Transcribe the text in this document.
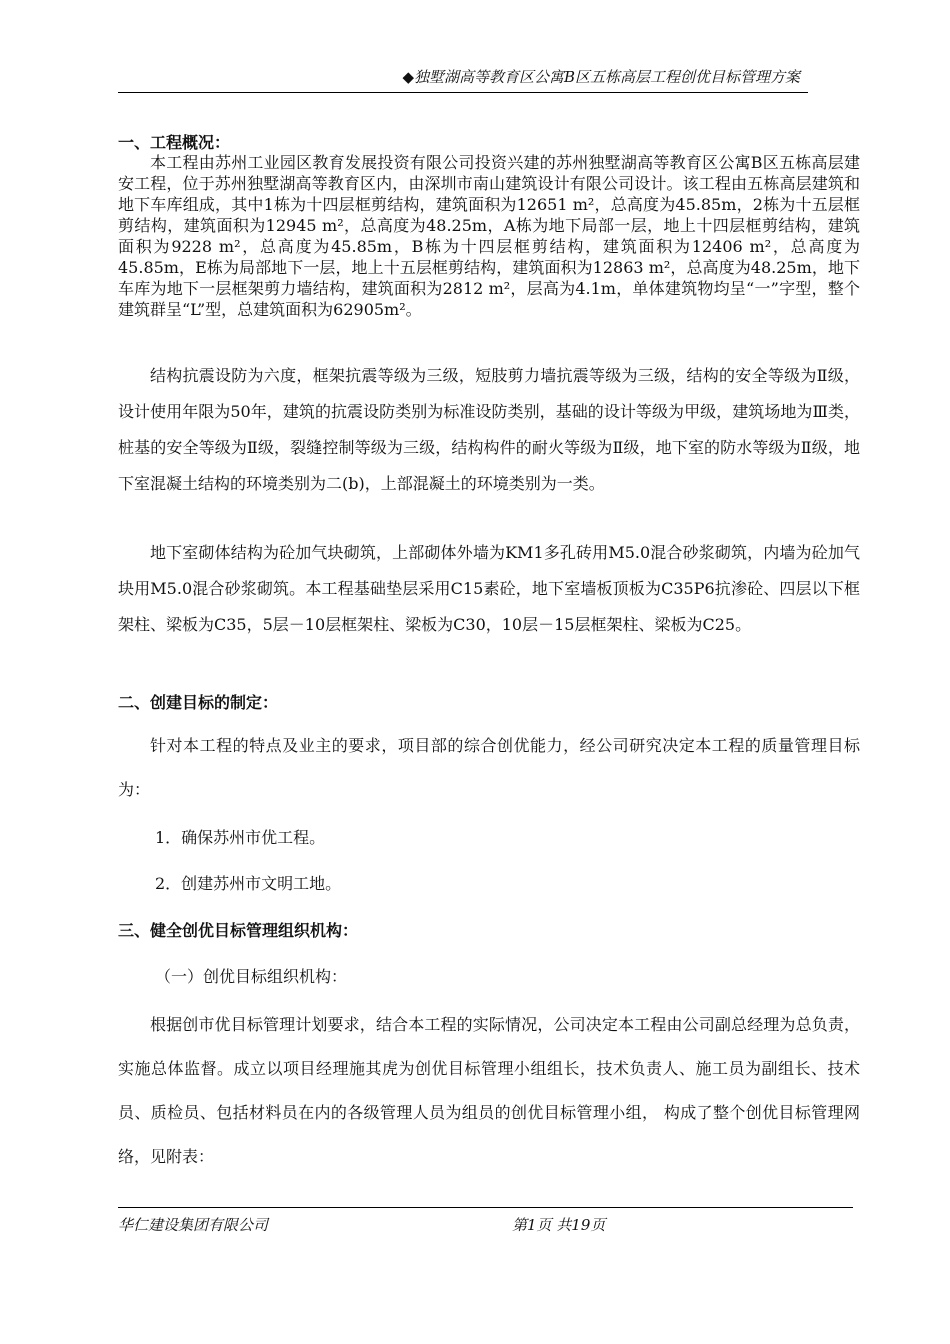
◆独墅湖高等教育区公寓B区五栋高层工程创优目标管理方案
一、工程概况：

本工程由苏州工业园区教育发展投资有限公司投资兴建的苏州独墅湖高等教育区公寓B区五栋高层建安工程，位于苏州独墅湖高等教育区内，由深圳市南山建筑设计有限公司设计。该工程由五栋高层建筑和地下车库组成，其中1栋为十四层框剪结构，建筑面积为12651 m²，总高度为45.85m，2栋为十五层框剪结构，建筑面积为12945 m²，总高度为48.25m，A栋为地下局部一层，地上十四层框剪结构，建筑面积为9228 m²，总高度为45.85m，B栋为十四层框剪结构，建筑面积为12406 m²，总高度为45.85m，E栋为局部地下一层，地上十五层框剪结构，建筑面积为12863 m²，总高度为48.25m，地下车库为地下一层框架剪力墙结构，建筑面积为2812 m²，层高为4.1m，单体建筑物均呈“一”字型，整个建筑群呈“L”型，总建筑面积为62905m²。

结构抗震设防为六度，框架抗震等级为三级，短肢剪力墙抗震等级为三级，结构的安全等级为Ⅱ级，设计使用年限为50年，建筑的抗震设防类别为标准设防类别，基础的设计等级为甲级，建筑场地为Ⅲ类，桩基的安全等级为Ⅱ级，裂缝控制等级为三级，结构构件的耐火等级为Ⅱ级，地下室的防水等级为Ⅱ级，地下室混凝土结构的环境类别为二(b)，上部混凝土的环境类别为一类。

地下室砌体结构为砼加气块砌筑，上部砌体外墙为KM1多孔砖用M5.0混合砂浆砌筑，内墙为砼加气块用M5.0混合砂浆砌筑。本工程基础垫层采用C15素砼，地下室墙板顶板为C35P6抗渗砼、四层以下框架柱、梁板为C35，5层－10层框架柱、梁板为C30，10层－15层框架柱、梁板为C25。

二、创建目标的制定：

针对本工程的特点及业主的要求，项目部的综合创优能力，经公司研究决定本工程的质量管理目标为：

1．确保苏州市优工程。
2．创建苏州市文明工地。
三、健全创优目标管理组织机构：
（一）创优目标组织机构：

根据创市优目标管理计划要求，结合本工程的实际情况，公司决定本工程由公司副总经理为总负责，实施总体监督。成立以项目经理施其虎为创优目标管理小组组长，技术负责人、施工员为副组长、技术员、质检员、包括材料员在内的各级管理人员为组员的创优目标管理小组， 构成了整个创优目标管理网络，见附表：

华仁建设集团有限公司	第1页 共19页
